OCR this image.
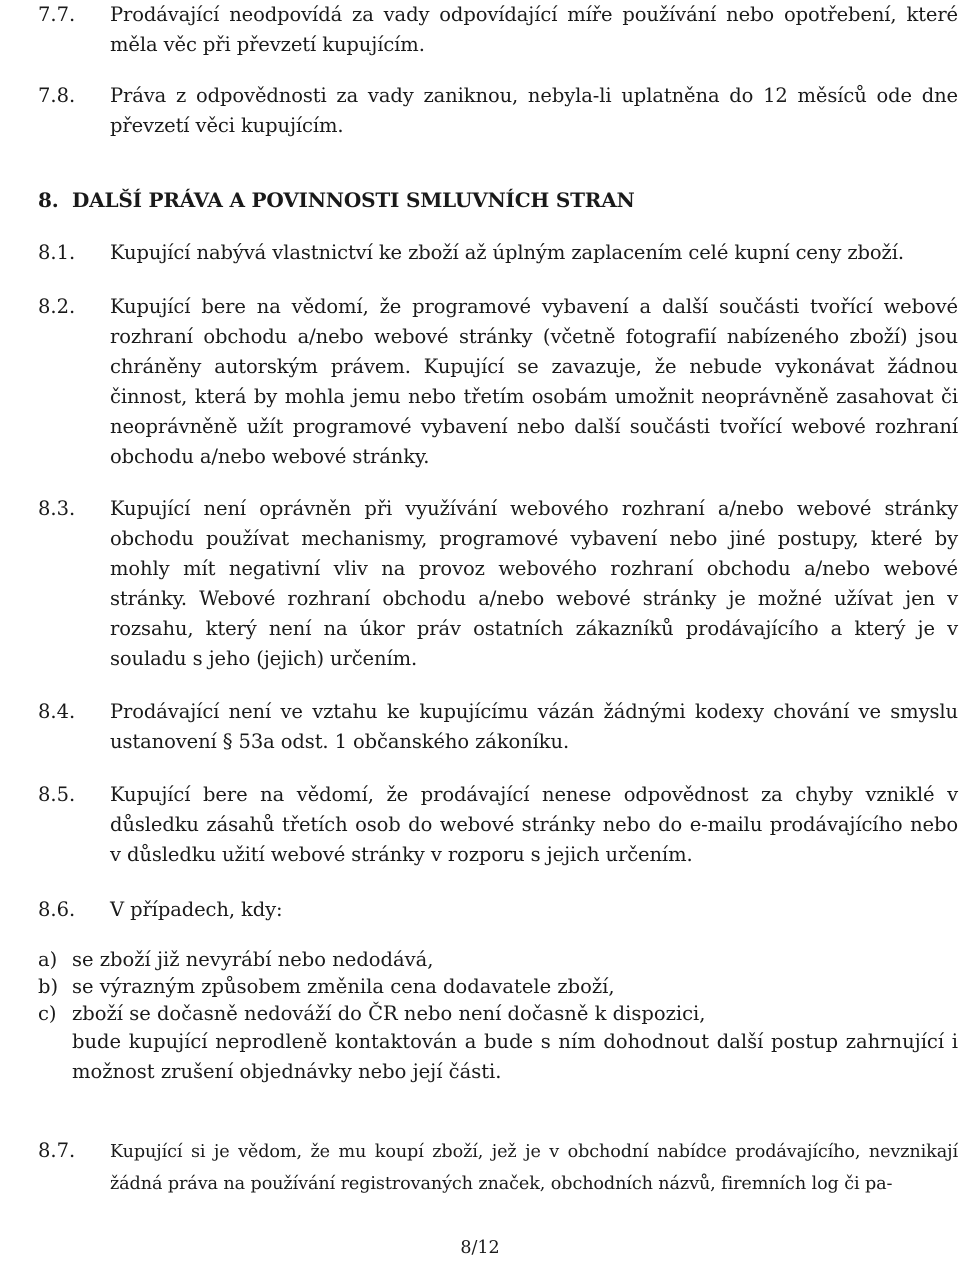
7.7. Prodávající neodpovídá za vady odpovídající míře používání nebo opotřebení, které měla věc při převzetí kupujícím.
7.8. Práva z odpovědnosti za vady zaniknou, nebyla-li uplatněna do 12 měsíců ode dne převzetí věci kupujícím.
8. DALŠÍ PRÁVA A POVINNOSTI SMLUVNÍCH STRAN
8.1. Kupující nabývá vlastnictví ke zboží až úplným zaplacením celé kupní ceny zboží.
8.2. Kupující bere na vědomí, že programové vybavení a další součásti tvořící webové rozhraní obchodu a/nebo webové stránky (včetně fotografií nabízeného zboží) jsou chráněny autorským právem. Kupující se zavazuje, že nebude vykonávat žádnou činnost, která by mohla jemu nebo třetím osobám umožnit neoprávněně zasahovat či neoprávněně užít programové vybavení nebo další součásti tvořící webové rozhraní obchodu a/nebo webové stránky.
8.3. Kupující není oprávněn při využívání webového rozhraní a/nebo webové stránky obchodu používat mechanismy, programové vybavení nebo jiné postupy, které by mohly mít negativní vliv na provoz webového rozhraní obchodu a/nebo webové stránky. Webové rozhraní obchodu a/nebo webové stránky je možné užívat jen v rozsahu, který není na úkor práv ostatních zákazníků prodávajícího a který je v souladu s jeho (jejich) určením.
8.4. Prodávající není ve vztahu ke kupujícímu vázán žádnými kodexy chování ve smyslu ustanovení § 53a odst. 1 občanského zákoníku.
8.5. Kupující bere na vědomí, že prodávající nenese odpovědnost za chyby vzniklé v důsledku zásahů třetích osob do webové stránky nebo do e-mailu prodávajícího nebo v důsledku užití webové stránky v rozporu s jejich určením.
8.6. V případech, kdy:
a) se zboží již nevyrábí nebo nedodává,
b) se výrazným způsobem změnila cena dodavatele zboží,
c) zboží se dočasně nedováží do ČR nebo není dočasně k dispozici,
bude kupující neprodleně kontaktován a bude s ním dohodnout další postup zahrnující i možnost zrušení objednávky nebo její části.
8.7. Kupující si je vědom, že mu koupí zboží, jež je v obchodní nabídce prodávajícího, nevznikají žádná práva na používání registrovaných značek, obchodních názvů, firemních log či pa-
8/12
